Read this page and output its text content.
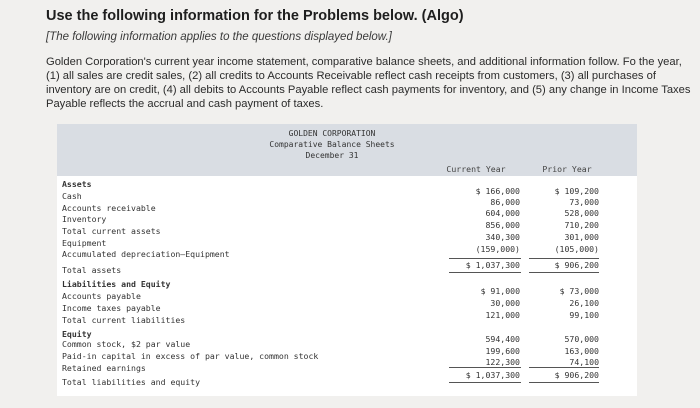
Use the following information for the Problems below. (Algo)
[The following information applies to the questions displayed below.]
Golden Corporation's current year income statement, comparative balance sheets, and additional information follow. Fo the year, (1) all sales are credit sales, (2) all credits to Accounts Receivable reflect cash receipts from customers, (3) all purchases of inventory are on credit, (4) all debits to Accounts Payable reflect cash payments for inventory, and (5) any change in Income Taxes Payable reflects the accrual and cash payment of taxes.
GOLDEN CORPORATION
Comparative Balance Sheets
December 31
Current Year	Prior Year
Assets
Cash
Accounts receivable
Inventory
Total current assets
Equipment
Accumulated depreciation—Equipment
Total assets
Liabilities and Equity
Accounts payable
Income taxes payable
Total current liabilities
Equity
Common stock, $2 par value
Paid-in capital in excess of par value, common stock
Retained earnings
Total liabilities and equity
$ 166,000
86,000
604,000
856,000
340,300
(159,000)
$ 1,037,300
$ 91,000
30,000
121,000
594,400
199,600
122,300
$ 1,037,300
$ 109,200
73,000
528,000
710,200
301,000
(105,000)
$ 906,200
$ 73,000
26,100
99,100
570,000
163,000
74,100
$ 906,200
